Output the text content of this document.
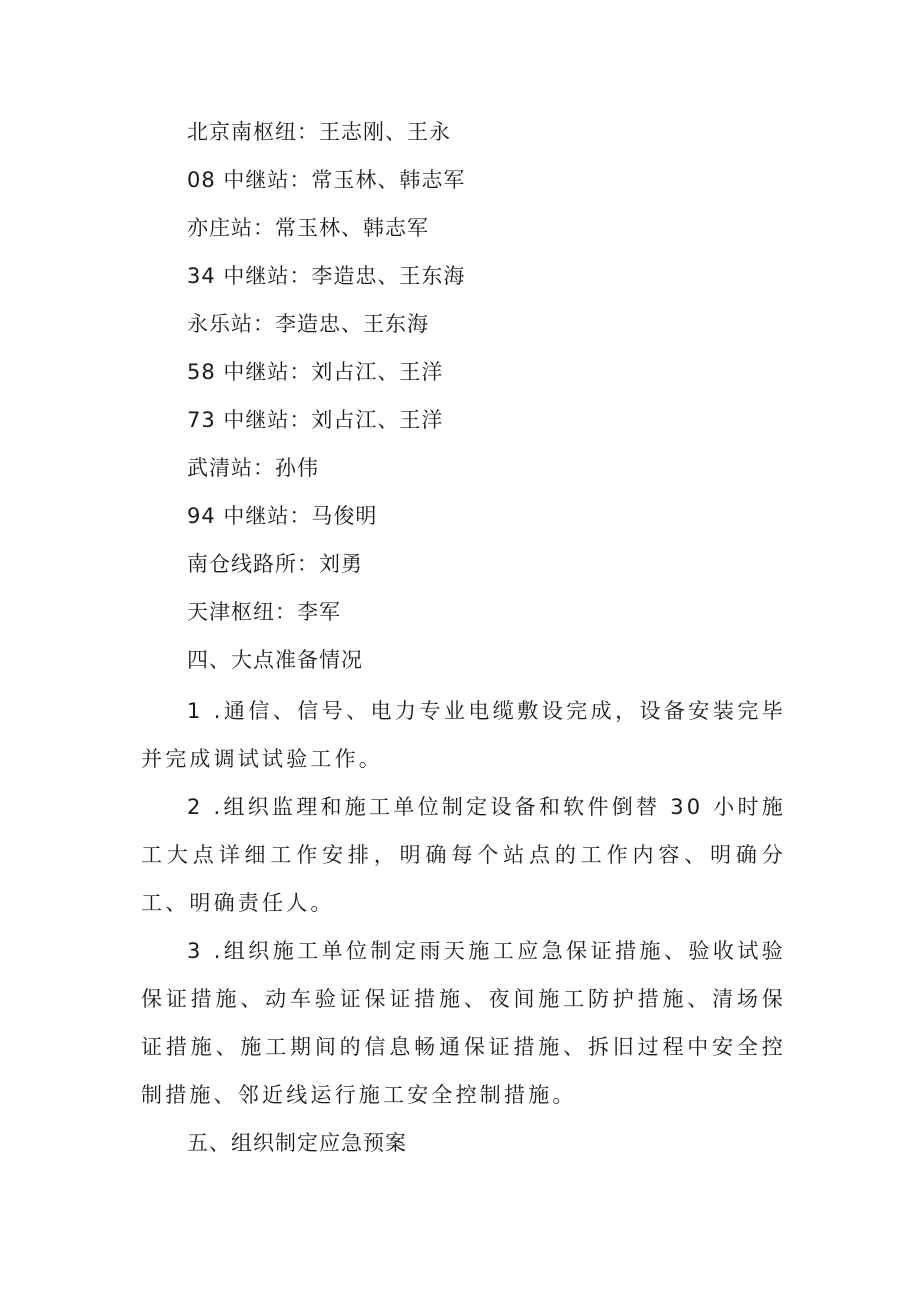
北京南枢纽：王志刚、王永
08 中继站：常玉林、韩志军
亦庄站：常玉林、韩志军
34 中继站：李造忠、王东海
永乐站：李造忠、王东海
58 中继站：刘占江、王洋
73 中继站：刘占江、王洋
武清站：孙伟
94 中继站：马俊明
南仓线路所：刘勇
天津枢纽：李军
四、大点准备情况
1 .通信、信号、电力专业电缆敷设完成，设备安装完毕并完成调试试验工作。
2 .组织监理和施工单位制定设备和软件倒替 30 小时施工大点详细工作安排，明确每个站点的工作内容、明确分工、明确责任人。
3 .组织施工单位制定雨天施工应急保证措施、验收试验保证措施、动车验证保证措施、夜间施工防护措施、清场保证措施、施工期间的信息畅通保证措施、拆旧过程中安全控制措施、邻近线运行施工安全控制措施。
五、组织制定应急预案
